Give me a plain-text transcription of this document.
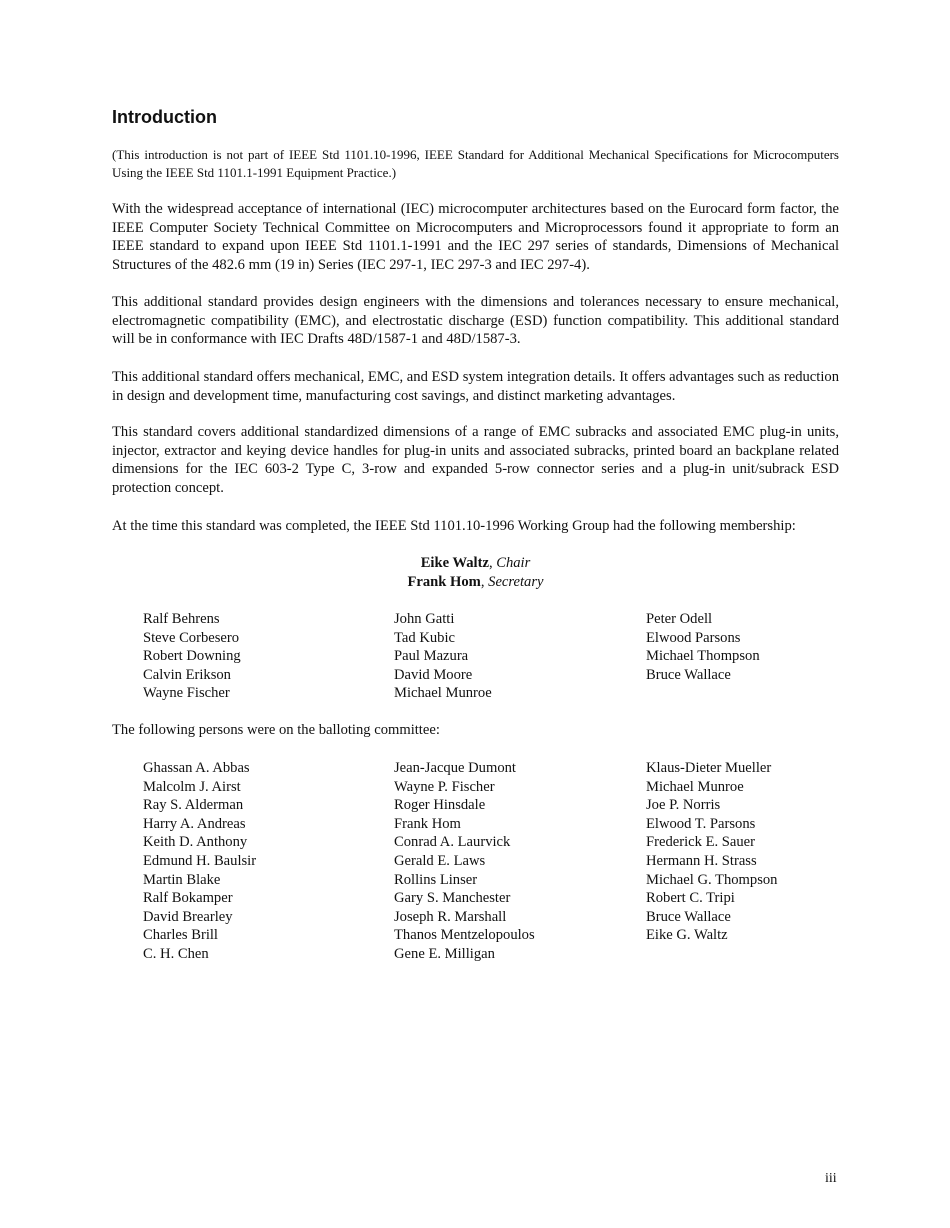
Introduction

(This introduction is not part of IEEE Std 1101.10-1996, IEEE Standard for Additional Mechanical Specifications for Microcomputers Using the IEEE Std 1101.1-1991 Equipment Practice.)

With the widespread acceptance of international (IEC) microcomputer architectures based on the Eurocard form factor, the IEEE Computer Society Technical Committee on Microcomputers and Microprocessors found it appropriate to form an IEEE standard to expand upon IEEE Std 1101.1-1991 and the IEC 297 series of standards, Dimensions of Mechanical Structures of the 482.6 mm (19 in) Series (IEC 297-1, IEC 297-3 and IEC 297-4).

This additional standard provides design engineers with the dimensions and tolerances necessary to ensure mechanical, electromagnetic compatibility (EMC), and electrostatic discharge (ESD) function compatibility. This additional standard will be in conformance with IEC Drafts 48D/1587-1 and 48D/1587-3.

This additional standard offers mechanical, EMC, and ESD system integration details. It offers advantages such as reduction in design and development time, manufacturing cost savings, and distinct marketing advantages.

This standard covers additional standardized dimensions of a range of EMC subracks and associated EMC plug-in units, injector, extractor and keying device handles for plug-in units and associated subracks, printed board an backplane related dimensions for the IEC 603-2 Type C, 3-row and expanded 5-row connector series and a plug-in unit/subrack ESD protection concept.

At the time this standard was completed, the IEEE Std 1101.10-1996 Working Group had the following membership:

Eike Waltz, Chair
Frank Hom, Secretary
Ralf Behrens
Steve Corbesero
Robert Downing
Calvin Erikson
Wayne Fischer
John Gatti
Tad Kubic
Paul Mazura
David Moore
Michael Munroe
Peter Odell
Elwood Parsons
Michael Thompson
Bruce Wallace

The following persons were on the balloting committee:

Ghassan A. Abbas
Malcolm J. Airst
Ray S. Alderman
Harry A. Andreas
Keith D. Anthony
Edmund H. Baulsir
Martin Blake
Ralf Bokamper
David Brearley
Charles Brill
C. H. Chen
Jean-Jacque Dumont
Wayne P. Fischer
Roger Hinsdale
Frank Hom
Conrad A. Laurvick
Gerald E. Laws
Rollins Linser
Gary S. Manchester
Joseph R. Marshall
Thanos Mentzelopoulos
Gene E. Milligan
Klaus-Dieter Mueller
Michael Munroe
Joe P. Norris
Elwood T. Parsons
Frederick E. Sauer
Hermann H. Strass
Michael G. Thompson
Robert C. Tripi
Bruce Wallace
Eike G. Waltz
iii
